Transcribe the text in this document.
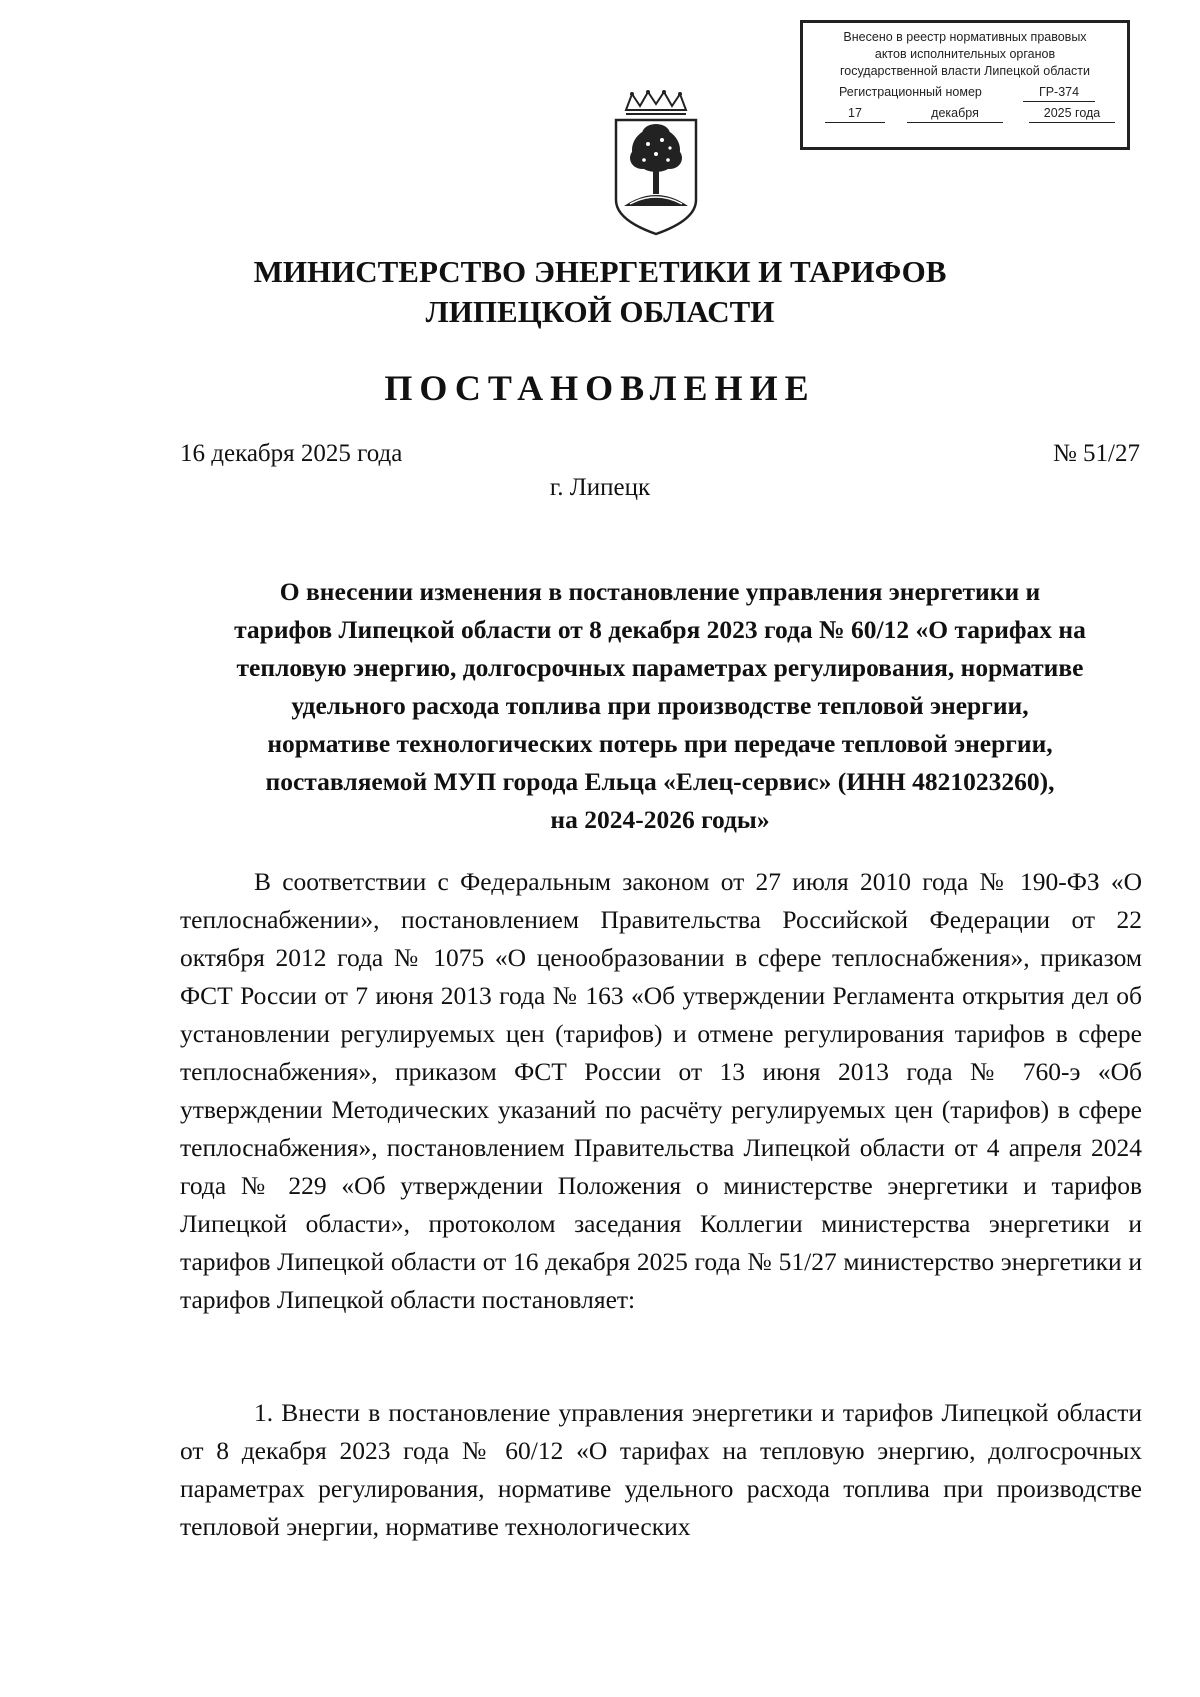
Внесено в реестр нормативных правовых
актов исполнительных органов
государственной власти Липецкой области
Регистрационный номер	ГР-374
17	декабря	2025 года
МИНИСТЕРСТВО ЭНЕРГЕТИКИ И ТАРИФОВ
ЛИПЕЦКОЙ ОБЛАСТИ
ПОСТАНОВЛЕНИЕ
16 декабря 2025 года	№ 51/27
г. Липецк
О внесении изменения в постановление управления энергетики и
тарифов Липецкой области от 8 декабря 2023 года № 60/12 «О тарифах на
тепловую энергию, долгосрочных параметрах регулирования, нормативе
удельного расхода топлива при производстве тепловой энергии,
нормативе технологических потерь при передаче тепловой энергии,
поставляемой МУП города Ельца «Елец-сервис» (ИНН 4821023260),
на 2024-2026 годы»

В соответствии с Федеральным законом от 27 июля 2010 года № 190-ФЗ «О теплоснабжении», постановлением Правительства Российской Федерации от 22 октября 2012 года № 1075 «О ценообразовании в сфере теплоснабжения», приказом ФСТ России от 7 июня 2013 года № 163 «Об утверждении Регламента открытия дел об установлении регулируемых цен (тарифов) и отмене регулирования тарифов в сфере теплоснабжения», приказом ФСТ России от 13 июня 2013 года № 760-э «Об утверждении Методических указаний по расчёту регулируемых цен (тарифов) в сфере теплоснабжения», постановлением Правительства Липецкой области от 4 апреля 2024 года № 229 «Об утверждении Положения о министерстве энергетики и тарифов Липецкой области», протоколом заседания Коллегии министерства энергетики и тарифов Липецкой области от 16 декабря 2025 года № 51/27 министерство энергетики и тарифов Липецкой области постановляет:

1. Внести в постановление управления энергетики и тарифов Липецкой области от 8 декабря 2023 года № 60/12 «О тарифах на тепловую энергию, долгосрочных параметрах регулирования, нормативе удельного расхода топлива при производстве тепловой энергии, нормативе технологических
